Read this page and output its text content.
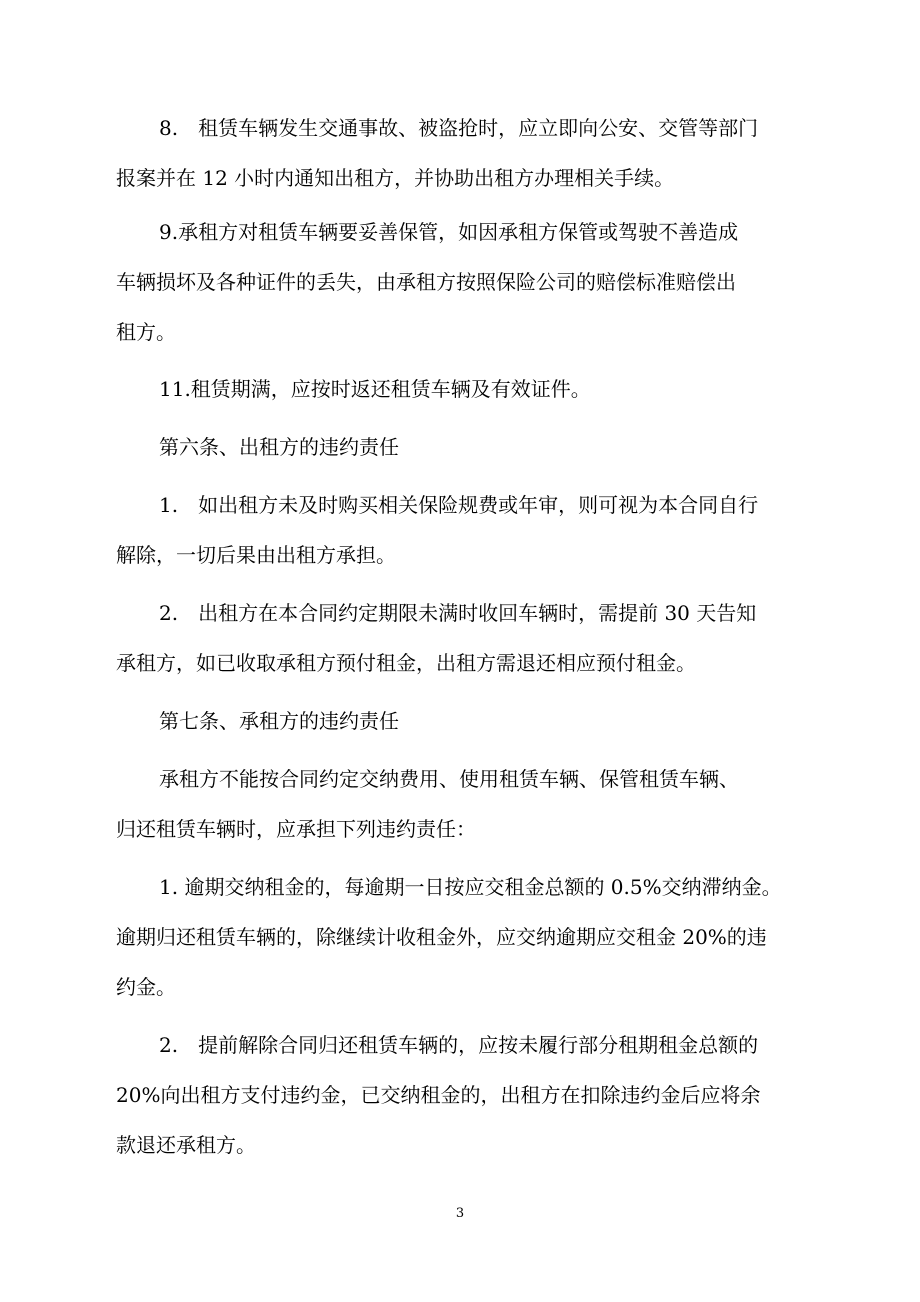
8.　租赁车辆发生交通事故、被盗抢时，应立即向公安、交管等部门
报案并在 12 小时内通知出租方，并协助出租方办理相关手续。
9.承租方对租赁车辆要妥善保管，如因承租方保管或驾驶不善造成
车辆损坏及各种证件的丢失，由承租方按照保险公司的赔偿标准赔偿出
租方。
11.租赁期满，应按时返还租赁车辆及有效证件。
第六条、出租方的违约责任
1.　如出租方未及时购买相关保险规费或年审，则可视为本合同自行
解除，一切后果由出租方承担。
2.　出租方在本合同约定期限未满时收回车辆时，需提前 30 天告知
承租方，如已收取承租方预付租金，出租方需退还相应预付租金。
第七条、承租方的违约责任
承租方不能按合同约定交纳费用、使用租赁车辆、保管租赁车辆、
归还租赁车辆时，应承担下列违约责任：
1. 逾期交纳租金的，每逾期一日按应交租金总额的 0.5%交纳滞纳金。
逾期归还租赁车辆的，除继续计收租金外，应交纳逾期应交租金 20%的违
约金。
2.　提前解除合同归还租赁车辆的，应按未履行部分租期租金总额的
20%向出租方支付违约金，已交纳租金的，出租方在扣除违约金后应将余
款退还承租方。
3
